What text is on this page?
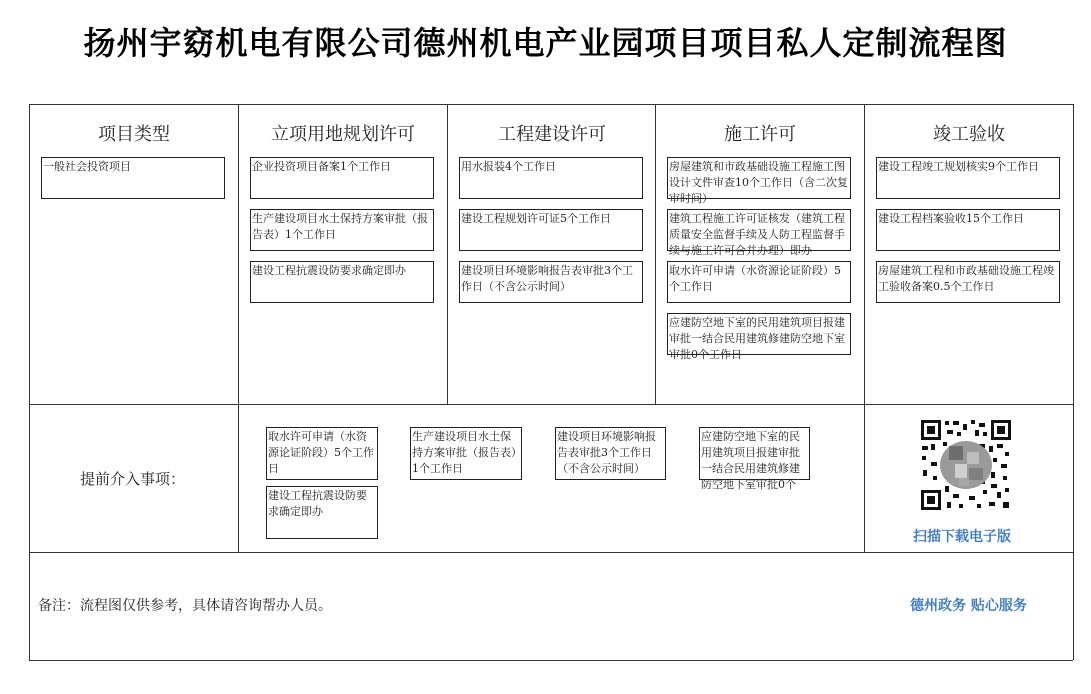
扬州宇窈机电有限公司德州机电产业园项目项目私人定制流程图
项目类型	立项用地规划许可	工程建设许可	施工许可	竣工验收
一般社会投资项目	企业投资项目备案1个工作日
生产建设项目水土保持方案审批（报告表）1个工作日
建设工程抗震设防要求确定即办
用水报装4个工作日
建设工程规划许可证5个工作日
建设项目环境影响报告表审批3个工作日（不含公示时间）
房屋建筑和市政基础设施工程施工图设计文件审查10个工作日（含二次复审时间）
建筑工程施工许可证核发（建筑工程质量安全监督手续及人防工程监督手续与施工许可合并办理）即办
取水许可申请（水资源论证阶段）5个工作日
应建防空地下室的民用建筑项目报建审批一结合民用建筑修建防空地下室审批0个工作日
建设工程竣工规划核实9个工作日
建设工程档案验收15个工作日
房屋建筑工程和市政基础设施工程竣工验收备案0.5个工作日
提前介入事项：
取水许可申请（水资源论证阶段）5个工作日
生产建设项目水土保持方案审批（报告表）1个工作日
建设项目环境影响报告表审批3个工作日（不含公示时间）
应建防空地下室的民用建筑项目报建审批一结合民用建筑修建防空地下室审批0个
建设工程抗震设防要求确定即办
扫描下载电子版
备注：流程图仅供参考，具体请咨询帮办人员。	德州政务 贴心服务
